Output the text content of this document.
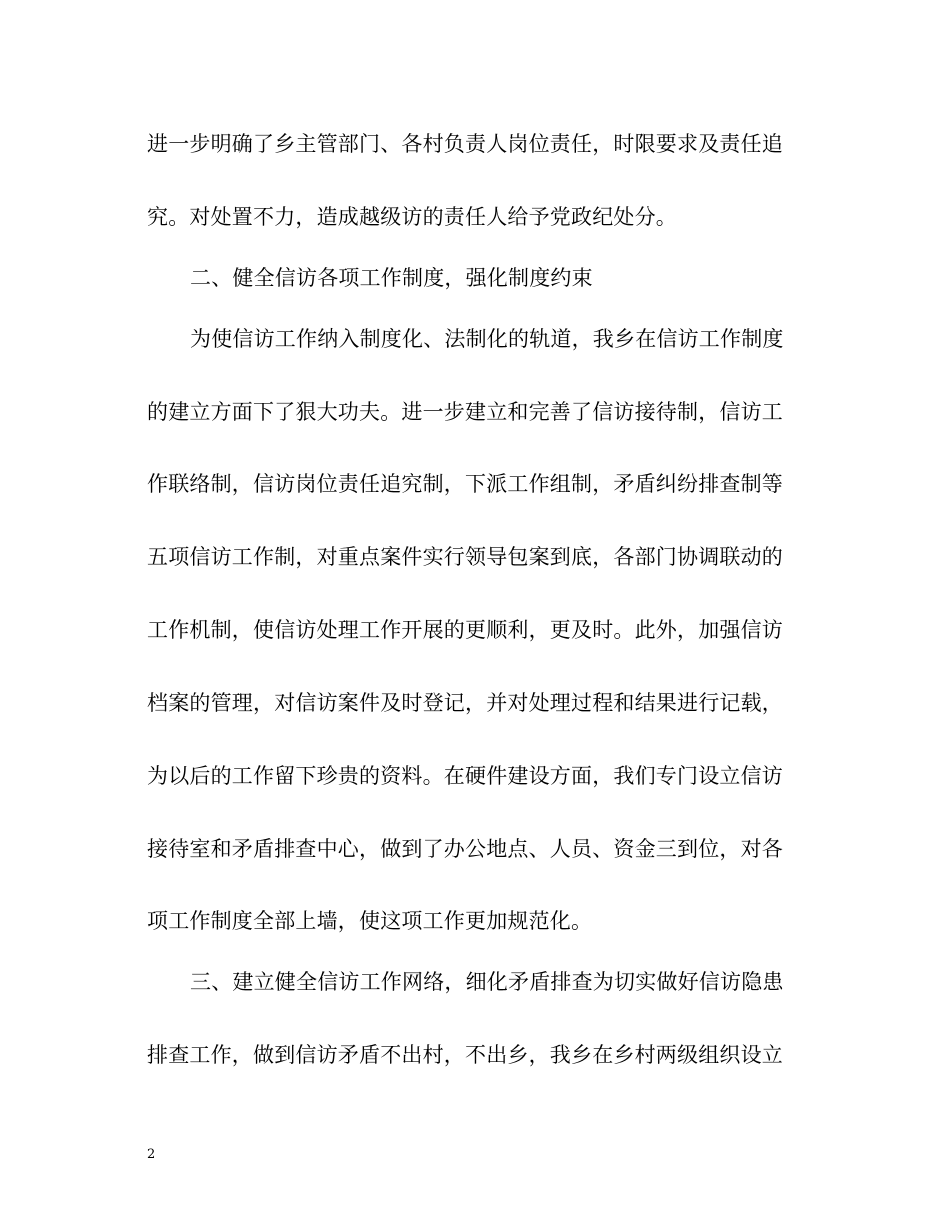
进一步明确了乡主管部门、各村负责人岗位责任，时限要求及责任追
究。对处置不力，造成越级访的责任人给予党政纪处分。
二、健全信访各项工作制度，强化制度约束
为使信访工作纳入制度化、法制化的轨道，我乡在信访工作制度
的建立方面下了狠大功夫。进一步建立和完善了信访接待制，信访工
作联络制，信访岗位责任追究制，下派工作组制，矛盾纠纷排查制等
五项信访工作制，对重点案件实行领导包案到底，各部门协调联动的
工作机制，使信访处理工作开展的更顺利，更及时。此外，加强信访
档案的管理，对信访案件及时登记，并对处理过程和结果进行记载，
为以后的工作留下珍贵的资料。在硬件建设方面，我们专门设立信访
接待室和矛盾排查中心，做到了办公地点、人员、资金三到位，对各
项工作制度全部上墙，使这项工作更加规范化。
三、建立健全信访工作网络，细化矛盾排查为切实做好信访隐患
排查工作，做到信访矛盾不出村，不出乡，我乡在乡村两级组织设立
2
